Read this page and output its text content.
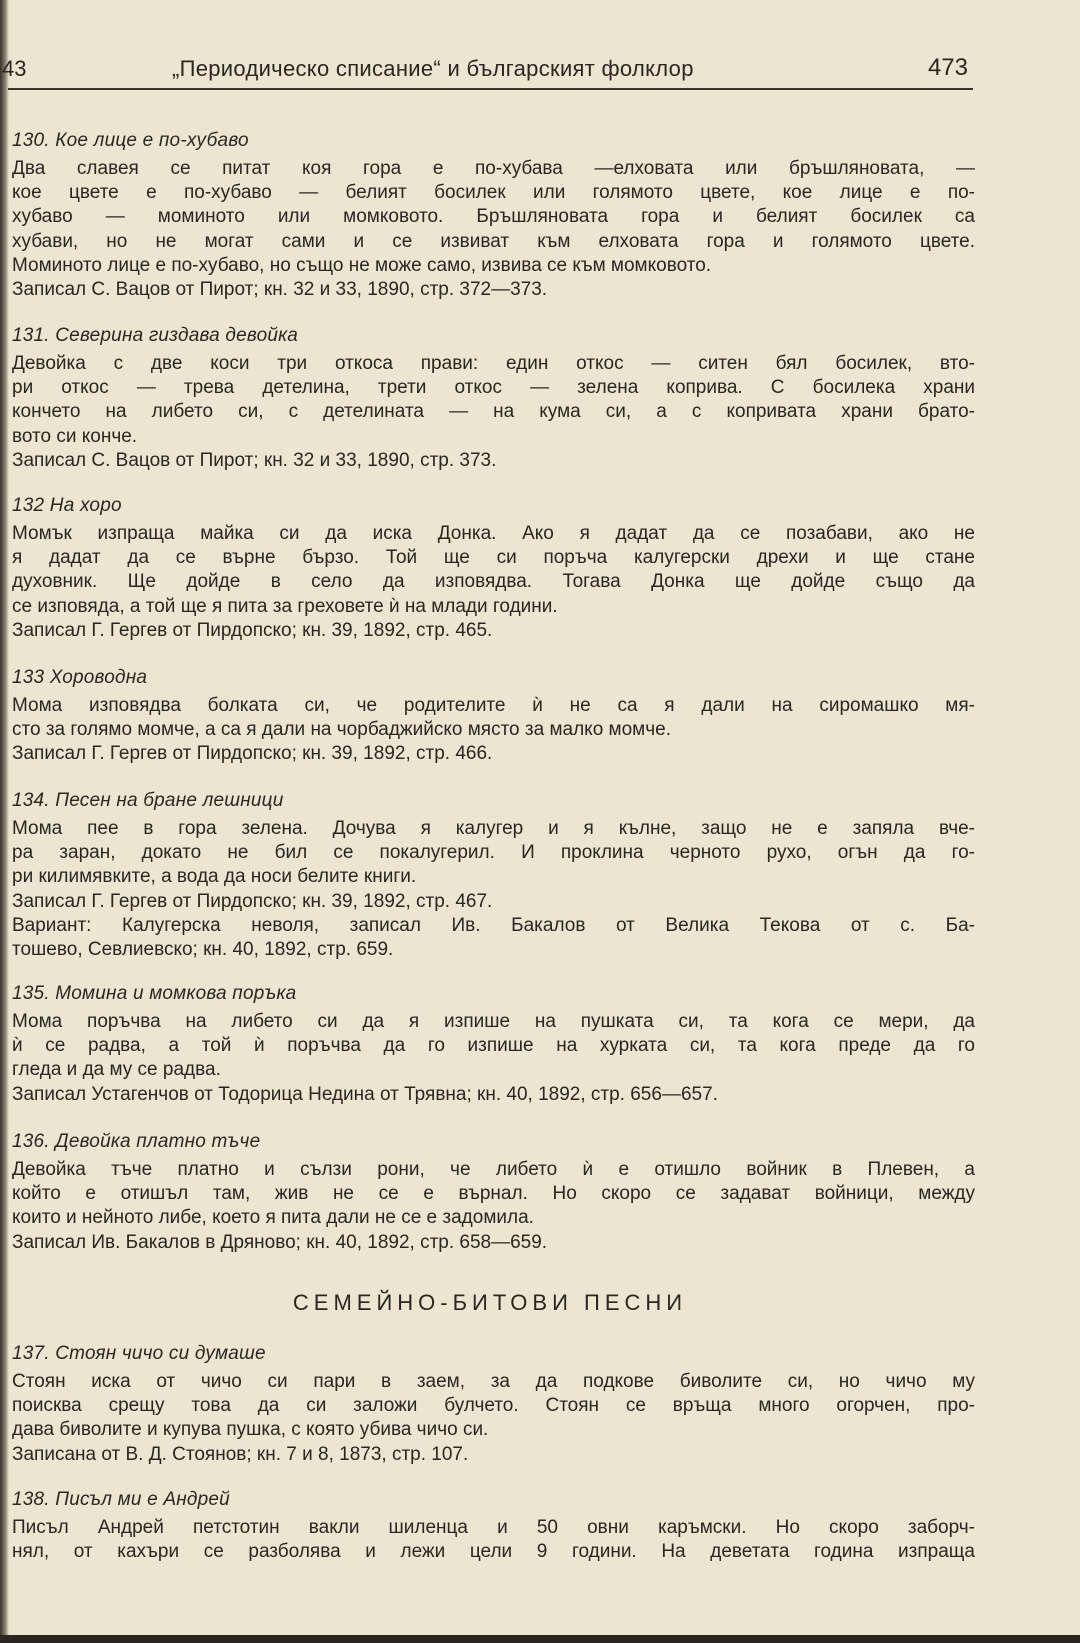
43	„Периодическо списание“ и българският фолклор	473
СЕМЕЙНО-БИТОВИ ПЕСНИ
130. Кое лице е по-хубаво
Два славея се питат коя гора е по-хубава —елховата или бръшляновата, —
кое цвете е по-хубаво — белият босилек или голямото цвете, кое лице е по-
хубаво — моминото или момковото. Бръшляновата гора и белият босилек са
хубави, но не могат сами и се извиват към елховата гора и голямото цвете.
Моминото лице е по-хубаво, но също не може само, извива се към момковото.
Записал С. Вацов от Пирот; кн. 32 и 33, 1890, стр. 372—373.
131. Северина гиздава девойка
Девойка с две коси три откоса прави: един откос — ситен бял босилек, вто-
ри откос — трева детелина, трети откос — зелена коприва. С босилека храни
кончето на либето си, с детелината — на кума си, а с копривата храни брато-
вото си конче.
Записал С. Вацов от Пирот; кн. 32 и 33, 1890, стр. 373.
132 На хоро
Момък изпраща майка си да иска Донка. Ако я дадат да се позабави, ако не
я дадат да се върне бързо. Той ще си поръча калугерски дрехи и ще стане
духовник. Ще дойде в село да изповядва. Тогава Донка ще дойде също да
се изповяда, а той ще я пита за греховете ѝ на млади години.
Записал Г. Гергев от Пирдопско; кн. 39, 1892, стр. 465.
133 Хороводна
Мома изповядва болката си, че родителите ѝ не са я дали на сиромашко мя-
сто за голямо момче, а са я дали на чорбаджийско място за малко момче.
Записал Г. Гергев от Пирдопско; кн. 39, 1892, стр. 466.
134. Песен на бране лешници
Мома пее в гора зелена. Дочува я калугер и я кълне, защо не е запяла вче-
ра заран, докато не бил се покалугерил. И проклина черното рухо, огън да го-
ри килимявките, а вода да носи белите книги.
Записал Г. Гергев от Пирдопско; кн. 39, 1892, стр. 467.
Вариант: Калугерска неволя, записал Ив. Бакалов от Велика Текова от с. Ба-
тошево, Севлиевско; кн. 40, 1892, стр. 659.
135. Момина и момкова поръка
Мома поръчва на либето си да я изпише на пушката си, та кога се мери, да
ѝ се радва, а той ѝ поръчва да го изпише на хурката си, та кога преде да го
гледа и да му се радва.
Записал Устагенчов от Тодорица Недина от Трявна; кн. 40, 1892, стр. 656—657.
136. Девойка платно тъче
Девойка тъче платно и сълзи рони, че либето ѝ е отишло войник в Плевен, а
който е отишъл там, жив не се е върнал. Но скоро се задават войници, между
които и нейното либе, което я пита дали не се е задомила.
Записал Ив. Бакалов в Дряново; кн. 40, 1892, стр. 658—659.
137. Стоян чичо си думаше
Стоян иска от чичо си пари в заем, за да подкове биволите си, но чичо му
поисква срещу това да си заложи булчето. Стоян се връща много огорчен, про-
дава биволите и купува пушка, с която убива чичо си.
Записана от В. Д. Стоянов; кн. 7 и 8, 1873, стр. 107.
138. Писъл ми е Андрей
Писъл Андрей петстотин вакли шиленца и 50 овни каръмски. Но скоро заборч-
нял, от кахъри се разболява и лежи цели 9 години. На деветата година изпраща
